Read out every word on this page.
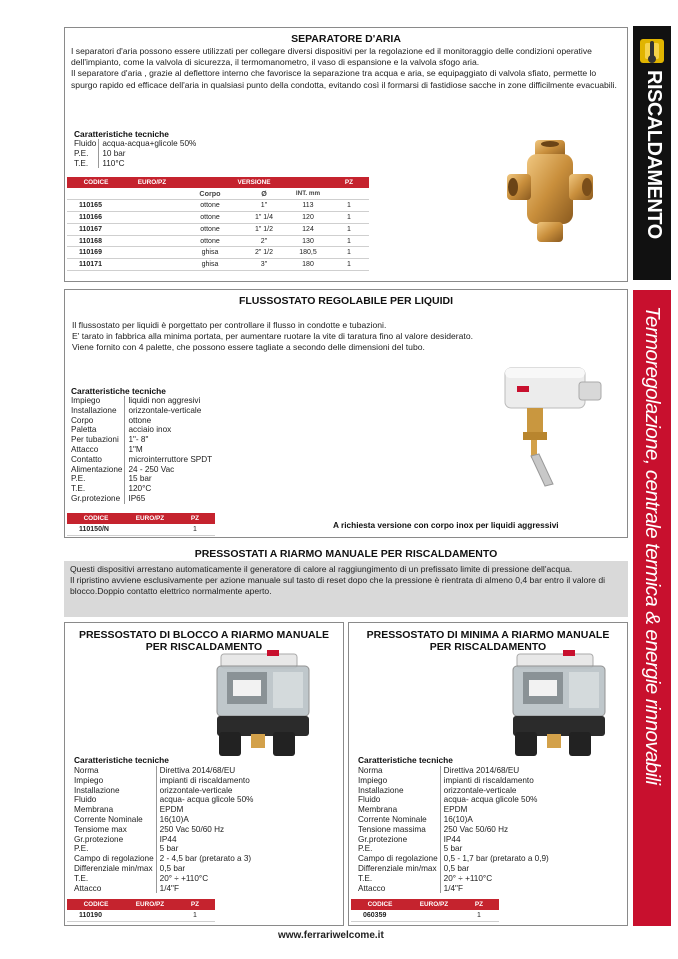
RISCALDAMENTO
Termoregolazione, centrale termica & energie rinnovabili
45
SEPARATORE D'ARIA

I separatori d'aria possono essere utilizzati per collegare diversi dispositivi per la regolazione ed il monitoraggio delle condizioni operative dell'impianto, come la valvola di sicurezza, il termomanometro, il vaso di espansione e la valvola sfogo aria.

Il separatore d'aria , grazie al deflettore interno che favorisce la separazione tra acqua e aria, se equipaggiato di valvola sfiato, permette lo spurgo rapido ed efficace dell'aria in qualsiasi punto della condotta, evitando così il formarsi di fastidiose sacche in zone difficilmente evacuabili.

Caratteristiche tecniche
Fluido	acqua-acqua+glicole 50%
P.E.	10 bar
T.E.	110°C
CODICE	EURO/PZ	VERSIONE			PZ
		Corpo	Ø	INT. mm	
110165		ottone	1"	113	1
110166		ottone	1" 1/4	120	1
110167		ottone	1" 1/2	124	1
110168		ottone	2"	130	1
110169		ghisa	2" 1/2	180,5	1
110171		ghisa	3"	180	1
FLUSSOSTATO REGOLABILE PER LIQUIDI

Il flussostato per liquidi è porgettato per controllare il flusso in condotte e tubazioni.

E' tarato in fabbrica alla minima portata, per aumentare ruotare la vite di taratura fino al valore desiderato.

Viene fornito con 4 palette, che possono essere tagliate a secondo delle dimensioni del tubo.

Caratteristiche tecniche
Impiego	liquidi non aggresivi
Installazione	orizzontale-verticale
Corpo	ottone
Paletta	acciaio inox
Per tubazioni	1"- 8"
Attacco	1"M
Contatto	microinterruttore SPDT
Alimentazione	24 - 250 Vac
P.E.	15 bar
T.E.	120°C
Gr.protezione	IP65
CODICE	EURO/PZ	PZ
110150/N		1	A richiesta versione con corpo inox per liquidi aggressivi
PRESSOSTATI A RIARMO MANUALE PER RISCALDAMENTO

Questi dispositivi arrestano automaticamente il generatore di calore al raggiungimento di un prefissato limite di pressione dell'acqua.

Il ripristino avviene esclusivamente per azione manuale sul tasto di reset dopo che la pressione è rientrata di almeno 0,4 bar entro il valore di blocco.Doppio contatto elettrico normalmente aperto.

PRESSOSTATO DI BLOCCO A RIARMO MANUALE
PER RISCALDAMENTO
Caratteristiche tecniche
Norma	Direttiva 2014/68/EU
Impiego	impianti di riscaldamento
Installazione	orizzontale-verticale
Fluido	acqua- acqua glicole 50%
Membrana	EPDM
Corrente Nominale	16(10)A
Tensiome max	250 Vac 50/60 Hz
Gr.protezione	IP44
P.E.	5 bar
Campo di regolazione	2 - 4,5 bar (pretarato a 3)
Differenziale min/max	0,5 bar
T.E.	20° ÷ +110°C
Attacco	1/4"F
CODICE	EURO/PZ	PZ
110190		1
PRESSOSTATO DI MINIMA A RIARMO MANUALE
PER RISCALDAMENTO
Caratteristiche tecniche
Norma	Direttiva 2014/68/EU
Impiego	impianti di riscaldamento
Installazione	orizzontale-verticale
Fluido	acqua- acqua glicole 50%
Membrana	EPDM
Corrente Nominale	16(10)A
Tensione massima	250 Vac 50/60 Hz
Gr.protezione	IP44
P.E.	5 bar
Campo di regolazione	0,5 - 1,7 bar (pretarato a 0,9)
Differenziale min/max	0,5 bar
T.E.	20° ÷ +110°C
Attacco	1/4"F
CODICE	EURO/PZ	PZ
060359		1
www.ferrariwelcome.it
